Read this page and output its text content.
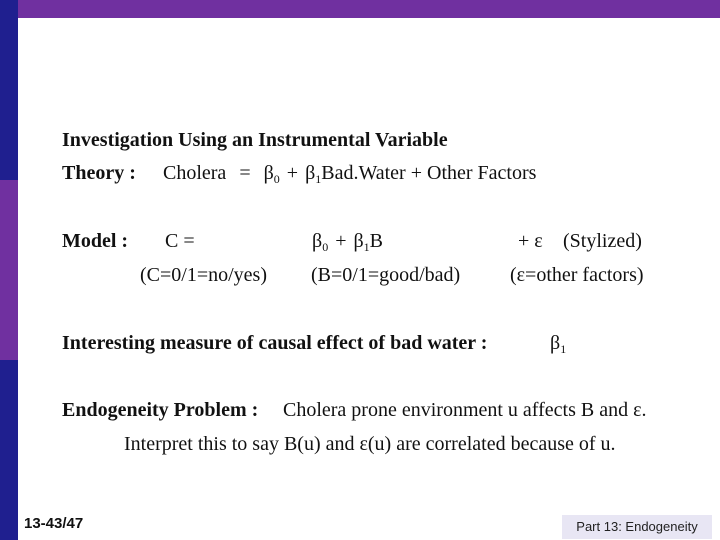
Investigation Using an Instrumental Variable
Theory : Cholera = $\beta_0$ + $\beta_1Bad.Water$ + Other Factors
Model : C =	$\beta_0 + \beta_1B$	+ ε (Stylized)
(C=0/1=no/yes) (B=0/1=good/bad) (ε=other factors)
Interesting measure of causal effect of bad water :	$\beta_1$
Endogeneity Problem : Cholera prone environment u affects B and ε.
Interpret this to say B(u) and ε(u) are correlated because of u.
13-43/47	Part 13: Endogeneity
